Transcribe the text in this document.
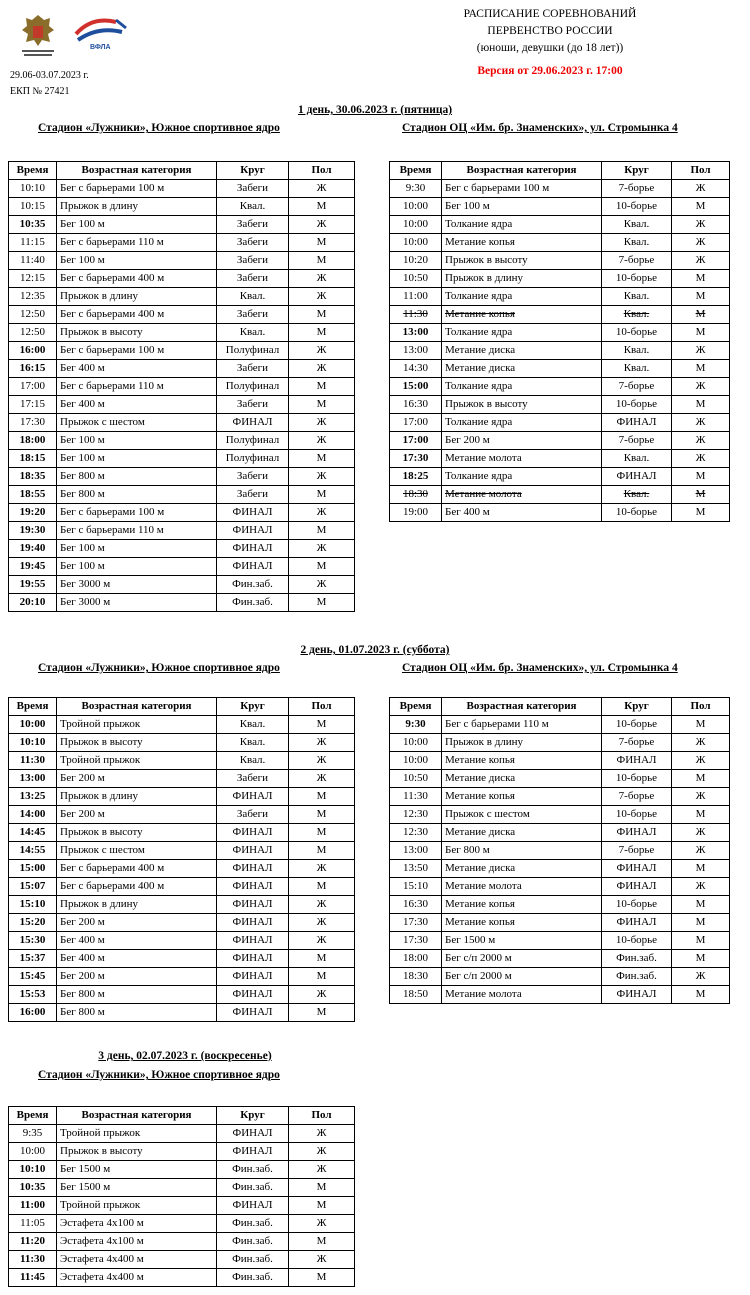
ВФЛА
29.06-03.07.2023 г.
ЕКП № 27421
РАСПИСАНИЕ СОРЕВНОВАНИЙ
ПЕРВЕНСТВО РОССИИ
(юноши, девушки (до 18 лет))
Версия от 29.06.2023 г. 17:00
1 день, 30.06.2023 г. (пятница)
Стадион «Лужники», Южное спортивное ядро	Стадион ОЦ «Им. бр. Знаменских», ул. Стромынка 4
Время	Возрастная категория	Круг	Пол
10:10	Бег с барьерами 100 м	Забеги	Ж
10:15	Прыжок в длину	Квал.	М
10:35	Бег 100 м	Забеги	Ж
11:15	Бег с барьерами 110 м	Забеги	М
11:40	Бег 100 м	Забеги	М
12:15	Бег с барьерами 400 м	Забеги	Ж
12:35	Прыжок в длину	Квал.	Ж
12:50	Бег с барьерами 400 м	Забеги	М
12:50	Прыжок в высоту	Квал.	М
16:00	Бег с барьерами 100 м	Полуфинал	Ж
16:15	Бег 400 м	Забеги	Ж
17:00	Бег с барьерами 110 м	Полуфинал	М
17:15	Бег 400 м	Забеги	М
17:30	Прыжок с шестом	ФИНАЛ	Ж
18:00	Бег 100 м	Полуфинал	Ж
18:15	Бег 100 м	Полуфинал	М
18:35	Бег 800 м	Забеги	Ж
18:55	Бег 800 м	Забеги	М
19:20	Бег с барьерами 100 м	ФИНАЛ	Ж
19:30	Бег с барьерами 110 м	ФИНАЛ	М
19:40	Бег 100 м	ФИНАЛ	Ж
19:45	Бег 100 м	ФИНАЛ	М
19:55	Бег 3000 м	Фин.заб.	Ж
20:10	Бег 3000 м	Фин.заб.	М
Время	Возрастная категория	Круг	Пол
9:30	Бег с барьерами 100 м	7-борье	Ж
10:00	Бег 100 м	10-борье	М
10:00	Толкание ядра	Квал.	Ж
10:00	Метание копья	Квал.	Ж
10:20	Прыжок в высоту	7-борье	Ж
10:50	Прыжок в длину	10-борье	М
11:00	Толкание ядра	Квал.	М
11:30	Метание копья	Квал.	М
13:00	Толкание ядра	10-борье	М
13:00	Метание диска	Квал.	Ж
14:30	Метание диска	Квал.	М
15:00	Толкание ядра	7-борье	Ж
16:30	Прыжок в высоту	10-борье	М
17:00	Толкание ядра	ФИНАЛ	Ж
17:00	Бег 200 м	7-борье	Ж
17:30	Метание молота	Квал.	Ж
18:25	Толкание ядра	ФИНАЛ	М
18:30	Метание молота	Квал.	М
19:00	Бег 400 м	10-борье	М
2 день, 01.07.2023 г. (суббота)
Стадион «Лужники», Южное спортивное ядро	Стадион ОЦ «Им. бр. Знаменских», ул. Стромынка 4
Время	Возрастная категория	Круг	Пол
10:00	Тройной прыжок	Квал.	М
10:10	Прыжок в высоту	Квал.	Ж
11:30	Тройной прыжок	Квал.	Ж
13:00	Бег 200 м	Забеги	Ж
13:25	Прыжок в длину	ФИНАЛ	М
14:00	Бег 200 м	Забеги	М
14:45	Прыжок в высоту	ФИНАЛ	М
14:55	Прыжок с шестом	ФИНАЛ	М
15:00	Бег с барьерами 400 м	ФИНАЛ	Ж
15:07	Бег с барьерами 400 м	ФИНАЛ	М
15:10	Прыжок в длину	ФИНАЛ	Ж
15:20	Бег 200 м	ФИНАЛ	Ж
15:30	Бег 400 м	ФИНАЛ	Ж
15:37	Бег 400 м	ФИНАЛ	М
15:45	Бег 200 м	ФИНАЛ	М
15:53	Бег 800 м	ФИНАЛ	Ж
16:00	Бег 800 м	ФИНАЛ	М
Время	Возрастная категория	Круг	Пол
9:30	Бег с барьерами 110 м	10-борье	М
10:00	Прыжок в длину	7-борье	Ж
10:00	Метание копья	ФИНАЛ	Ж
10:50	Метание диска	10-борье	М
11:30	Метание копья	7-борье	Ж
12:30	Прыжок с шестом	10-борье	М
12:30	Метание диска	ФИНАЛ	Ж
13:00	Бег 800 м	7-борье	Ж
13:50	Метание диска	ФИНАЛ	М
15:10	Метание молота	ФИНАЛ	Ж
16:30	Метание копья	10-борье	М
17:30	Метание копья	ФИНАЛ	М
17:30	Бег 1500 м	10-борье	М
18:00	Бег с/п 2000 м	Фин.заб.	М
18:30	Бег с/п 2000 м	Фин.заб.	Ж
18:50	Метание молота	ФИНАЛ	М
3 день, 02.07.2023 г. (воскресенье)
Стадион «Лужники», Южное спортивное ядро
Время	Возрастная категория	Круг	Пол
9:35	Тройной прыжок	ФИНАЛ	Ж
10:00	Прыжок в высоту	ФИНАЛ	Ж
10:10	Бег 1500 м	Фин.заб.	Ж
10:35	Бег 1500 м	Фин.заб.	М
11:00	Тройной прыжок	ФИНАЛ	М
11:05	Эстафета 4х100 м	Фин.заб.	Ж
11:20	Эстафета 4х100 м	Фин.заб.	М
11:30	Эстафета 4х400 м	Фин.заб.	Ж
11:45	Эстафета 4х400 м	Фин.заб.	М
